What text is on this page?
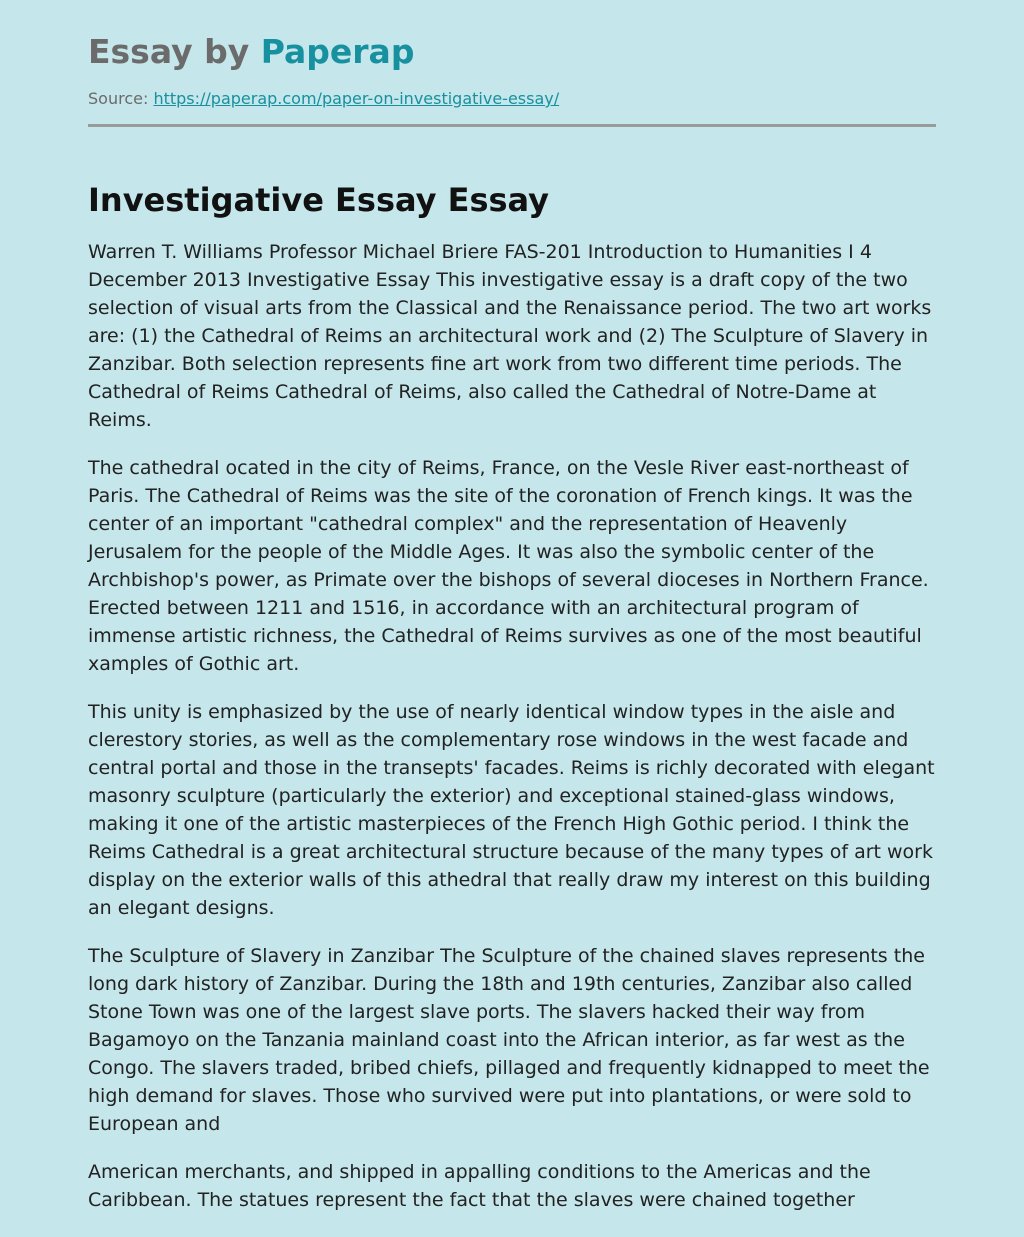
Essay by Paperap
Source: https://paperap.com/paper-on-investigative-essay/
Investigative Essay Essay

Warren T. Williams Professor Michael Briere FAS-201 Introduction to Humanities I 4 December 2013 Investigative Essay This investigative essay is a draft copy of the two selection of visual arts from the Classical and the Renaissance period. The two art works are: (1) the Cathedral of Reims an architectural work and (2) The Sculpture of Slavery in Zanzibar. Both selection represents fine art work from two different time periods. The Cathedral of Reims Cathedral of Reims, also called the Cathedral of Notre-Dame at Reims.

The cathedral ocated in the city of Reims, France, on the Vesle River east-northeast of Paris. The Cathedral of Reims was the site of the coronation of French kings. It was the center of an important "cathedral complex" and the representation of Heavenly Jerusalem for the people of the Middle Ages. It was also the symbolic center of the Archbishop's power, as Primate over the bishops of several dioceses in Northern France. Erected between 1211 and 1516, in accordance with an architectural program of immense artistic richness, the Cathedral of Reims survives as one of the most beautiful xamples of Gothic art.

This unity is emphasized by the use of nearly identical window types in the aisle and clerestory stories, as well as the complementary rose windows in the west facade and central portal and those in the transepts' facades. Reims is richly decorated with elegant masonry sculpture (particularly the exterior) and exceptional stained-glass windows, making it one of the artistic masterpieces of the French High Gothic period. I think the Reims Cathedral is a great architectural structure because of the many types of art work display on the exterior walls of this athedral that really draw my interest on this building an elegant designs.

The Sculpture of Slavery in Zanzibar The Sculpture of the chained slaves represents the long dark history of Zanzibar. During the 18th and 19th centuries, Zanzibar also called Stone Town was one of the largest slave ports. The slavers hacked their way from Bagamoyo on the Tanzania mainland coast into the African interior, as far west as the Congo. The slavers traded, bribed chiefs, pillaged and frequently kidnapped to meet the high demand for slaves. Those who survived were put into plantations, or were sold to European and

American merchants, and shipped in appalling conditions to the Americas and the Caribbean. The statues represent the fact that the slaves were chained together
